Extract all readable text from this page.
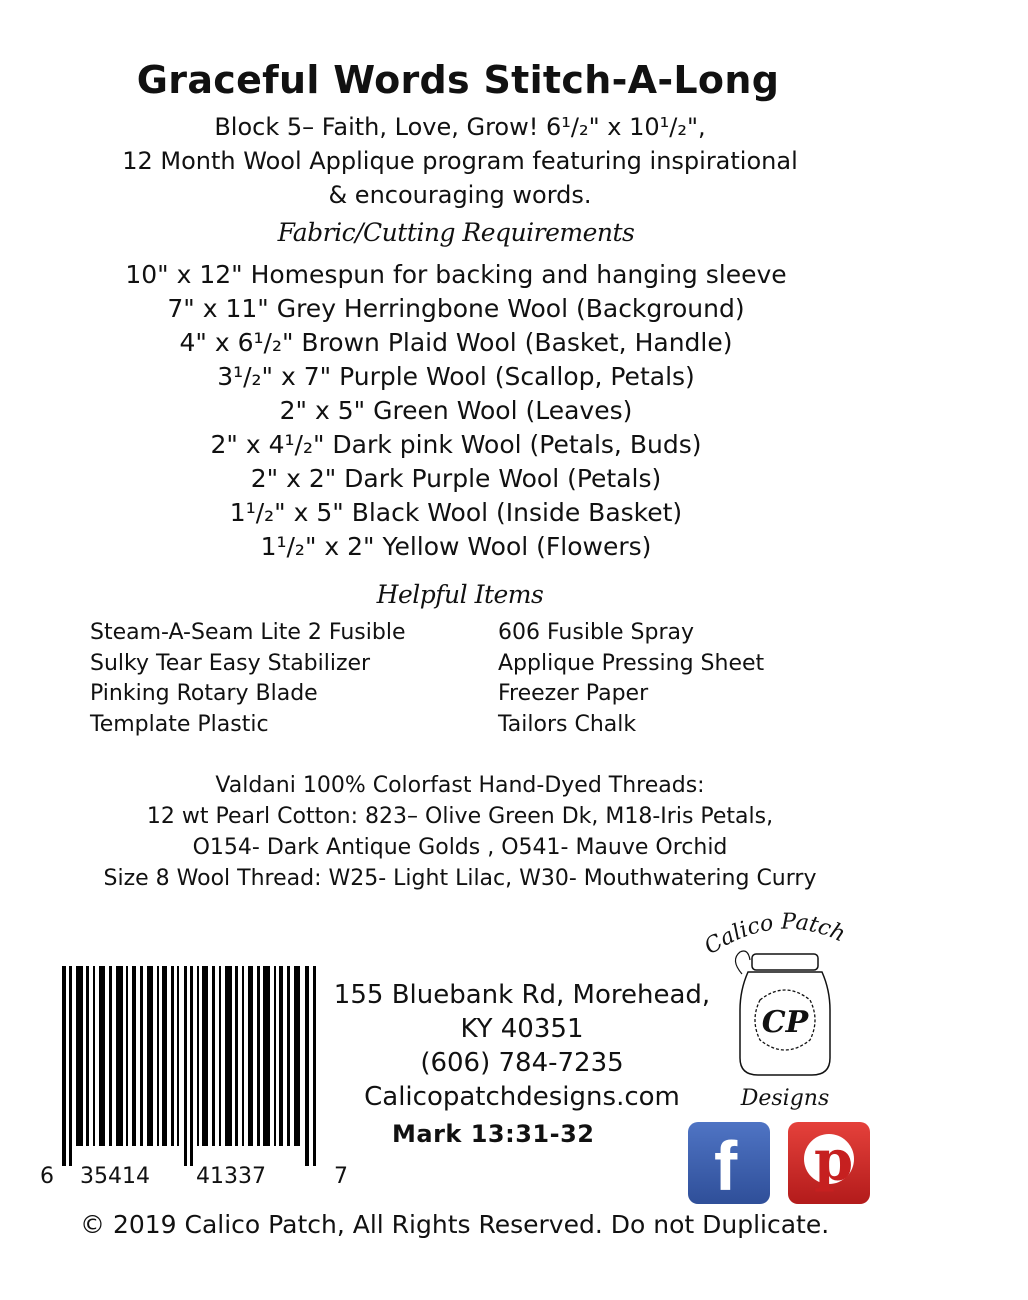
Graceful Words Stitch-A-Long
Block 5– Faith, Love, Grow! 6¹/₂" x 10¹/₂",
12 Month Wool Applique program featuring inspirational
& encouraging words.
Fabric/Cutting Requirements
10" x 12" Homespun for backing and hanging sleeve
7" x 11" Grey Herringbone Wool (Background)
4" x 6¹/₂" Brown Plaid Wool (Basket, Handle)
3¹/₂" x 7" Purple Wool (Scallop, Petals)
2" x 5" Green Wool (Leaves)
2" x 4¹/₂" Dark pink Wool (Petals, Buds)
2" x 2" Dark Purple Wool (Petals)
1¹/₂" x 5" Black Wool (Inside Basket)
1¹/₂" x 2" Yellow Wool (Flowers)
Helpful Items
Steam-A-Seam Lite 2 Fusible
Sulky Tear Easy Stabilizer
Pinking Rotary Blade
Template Plastic
606 Fusible Spray
Applique Pressing Sheet
Freezer Paper
Tailors Chalk
Valdani 100% Colorfast Hand-Dyed Threads:
12 wt Pearl Cotton: 823– Olive Green Dk, M18-Iris Petals,
O154- Dark Antique Golds , O541- Mauve Orchid
Size 8 Wool Thread: W25- Light Lilac, W30- Mouthwatering Curry
6 35414 41337	7
155 Bluebank Rd, Morehead,
KY 40351
(606) 784-7235
Calicopatchdesigns.com
Mark 13:31-32
Calico Patch
CP
Designs
f p
© 2019 Calico Patch, All Rights Reserved. Do not Duplicate.
